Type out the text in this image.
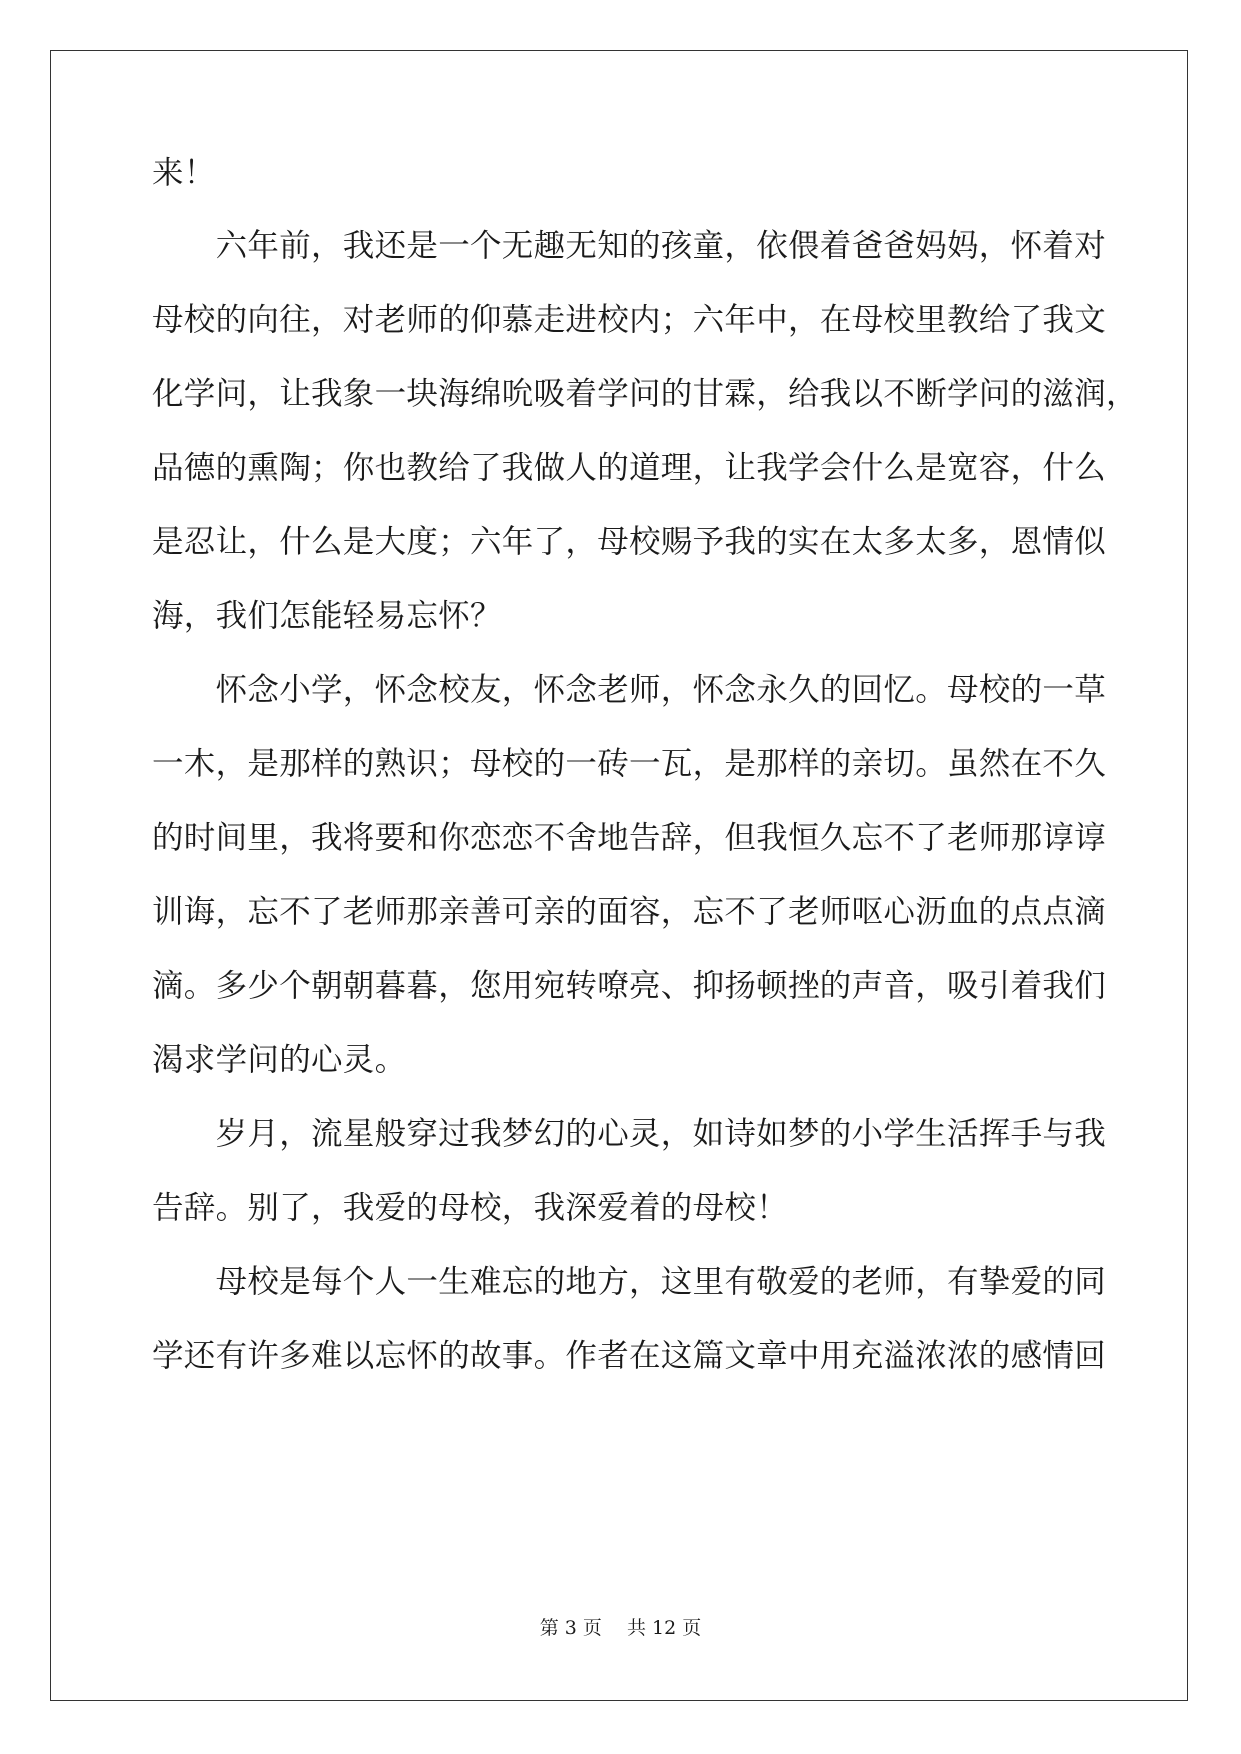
来！
　　六年前，我还是一个无趣无知的孩童，依偎着爸爸妈妈，怀着对
母校的向往，对老师的仰慕走进校内；六年中，在母校里教给了我文
化学问，让我象一块海绵吮吸着学问的甘霖，给我以不断学问的滋润，
品德的熏陶；你也教给了我做人的道理，让我学会什么是宽容，什么
是忍让，什么是大度；六年了，母校赐予我的实在太多太多，恩情似
海，我们怎能轻易忘怀？
　　怀念小学，怀念校友，怀念老师，怀念永久的回忆。母校的一草
一木，是那样的熟识；母校的一砖一瓦，是那样的亲切。虽然在不久
的时间里，我将要和你恋恋不舍地告辞，但我恒久忘不了老师那谆谆
训诲，忘不了老师那亲善可亲的面容，忘不了老师呕心沥血的点点滴
滴。多少个朝朝暮暮，您用宛转嘹亮、抑扬顿挫的声音，吸引着我们
渴求学问的心灵。
　　岁月，流星般穿过我梦幻的心灵，如诗如梦的小学生活挥手与我
告辞。别了，我爱的母校，我深爱着的母校！
　　母校是每个人一生难忘的地方，这里有敬爱的老师，有挚爱的同
学还有许多难以忘怀的故事。作者在这篇文章中用充溢浓浓的感情回
第 3 页　 共 12 页
